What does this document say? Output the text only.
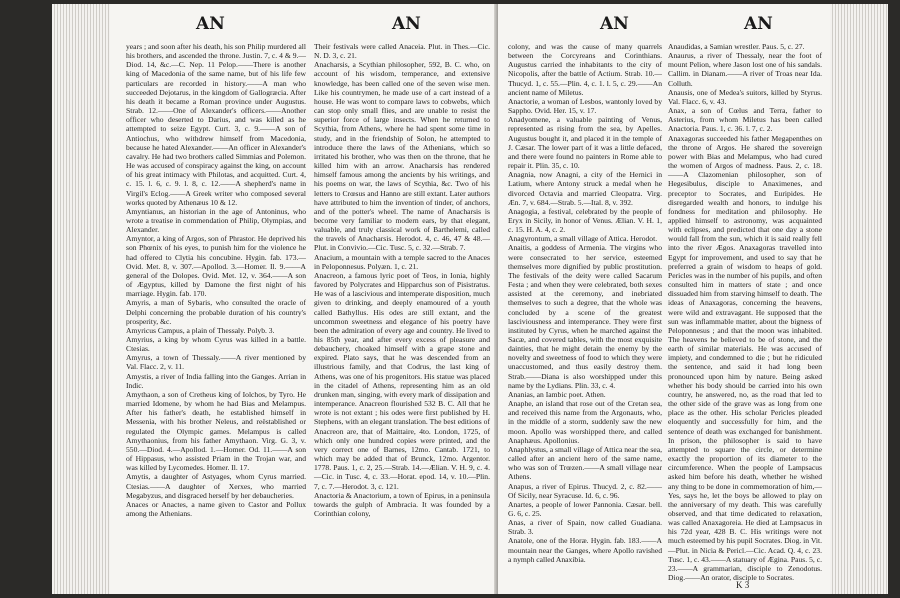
AN	AN

years ; and soon after his death, his son Philip murdered all his brothers, and ascended the throne. Justin. 7, c. 4 & 9.—Diod. 14, &c.—C. Nep. 11 Pelop.——There is another king of Macedonia of the same name, but of his life few particulars are recorded in history.——A man who succeeded Dejotarus, in the kingdom of Gallogræcia. After his death it became a Roman province under Augustus. Strab. 12.——One of Alexander's officers.——Another officer who deserted to Darius, and was killed as he attempted to seize Egypt. Curt. 3, c. 9.——A son of Antiochus, who withdrew himself from Macedonia, because he hated Alexander.——An officer in Alexander's cavalry. He had two brothers called Simmias and Polemon. He was accused of conspiracy against the king, on account of his great intimacy with Philotas, and acquitted. Curt. 4, c. 15. l. 6, c. 9. l. 8, c. 12.——A shepherd's name in Virgil's Eclog.——A Greek writer who composed several works quoted by Athenæus 10 & 12.

Amyntianus, an historian in the age of Antoninus, who wrote a treatise in commendation of Philip, Olympias, and Alexander.

Amyntor, a king of Argos, son of Phrastor. He deprived his son Phœnix of his eyes, to punish him for the violence he had offered to Clytia his concubine. Hygin. fab. 173.—Ovid. Met. 8, v. 307.—Apollod. 3.—Homer. Il. 9.——A general of the Dolopes. Ovid. Met. 12, v. 364.——A son of Ægyptus, killed by Damone the first night of his marriage. Hygin. fab. 170.

Amyris, a man of Sybaris, who consulted the oracle of Delphi concerning the probable duration of his country's prosperity, &c.

Amyricus Campus, a plain of Thessaly. Polyb. 3.

Amyrius, a king by whom Cyrus was killed in a battle. Ctesias.

Amyrus, a town of Thessaly.——A river mentioned by Val. Flacc. 2, v. 11.

Amystis, a river of India falling into the Ganges. Arrian in Indic.

Amythaon, a son of Cretheus king of Iolchos, by Tyro. He married Idomene, by whom he had Bias and Melampus. After his father's death, he established himself in Messenia, with his brother Neleus, and reëstablished or regulated the Olympic games. Melampus is called Amythaonius, from his father Amythaon. Virg. G. 3, v. 550.—Diod. 4.—Apollod. 1.—Homer. Od. 11.——A son of Hippasus, who assisted Priam in the Trojan war, and was killed by Lycomedes. Homer. Il. 17.

Amytis, a daughter of Astyages, whom Cyrus married. Ctesias.——A daughter of Xerxes, who married Megabyzus, and disgraced herself by her debaucheries.

Anaces or Anactes, a name given to Castor and Pollux among the Athenians.

Their festivals were called Anaceia. Plut. in Thes.—Cic. N. D. 3, c. 21.

Anacharsis, a Scythian philosopher, 592, B. C. who, on account of his wisdom, temperance, and extensive knowledge, has been called one of the seven wise men. Like his countrymen, he made use of a cart instead of a house. He was wont to compare laws to cobwebs, which can stop only small flies, and are unable to resist the superior force of large insects. When he returned to Scythia, from Athens, where he had spent some time in study, and in the friendship of Solon, he attempted to introduce there the laws of the Athenians, which so irritated his brother, who was then on the throne, that he killed him with an arrow. Anacharsis has rendered himself famous among the ancients by his writings, and his poems on war, the laws of Scythia, &c. Two of his letters to Crœsus and Hanno are still extant. Later authors have attributed to him the invention of tinder, of anchors, and of the potter's wheel. The name of Anacharsis is become very familiar to modern ears, by that elegant, valuable, and truly classical work of Barthelemi, called the travels of Anacharsis. Herodot. 4, c. 46, 47 & 48.—Plut. in Convivio.—Cic. Tusc. 5, c. 32.—Strab. 7.

Anacium, a mountain with a temple sacred to the Anaces in Peloponnesus. Polyæn. 1, c. 21.

Anacreon, a famous lyric poet of Teos, in Ionia, highly favored by Polycrates and Hipparchus son of Pisistratus. He was of a lascivious and intemperate disposition, much given to drinking, and deeply enamoured of a youth called Bathyllus. His odes are still extant, and the uncommon sweetness and elegance of his poetry have been the admiration of every age and country. He lived to his 85th year, and after every excess of pleasure and debauchery, choaked himself with a grape stone and expired. Plato says, that he was descended from an illustrious family, and that Codrus, the last king of Athens, was one of his progenitors. His statue was placed in the citadel of Athens, representing him as an old drunken man, singing, with every mark of dissipation and intemperance. Anacreon flourished 532 B. C. All that he wrote is not extant ; his odes were first published by H. Stephens, with an elegant translation. The best editions of Anacreon are, that of Maittaire, 4to. London, 1725, of which only one hundred copies were printed, and the very correct one of Barnes, 12mo. Cantab. 1721, to which may be added that of Brunck, 12mo. Argentor. 1778. Paus. 1, c. 2, 25.—Strab. 14.—Ælian. V. H. 9, c. 4.—Cic. in Tusc. 4, c. 33.—Horat. epod. 14, v. 10.—Plin. 7, c. 7.—Herodot. 3, c. 121.

Anactoria & Anactorium, a town of Epirus, in a peninsula towards the gulph of Ambracia. It was founded by a Corinthian colony,

AN	AN

colony, and was the cause of many quarrels between the Corcyreans and Corinthians. Augustus carried the inhabitants to the city of Nicopolis, after the battle of Actium. Strab. 10.—Thucyd. 1, c. 55.—Plin. 4, c. 1. l. 5, c. 29.——An ancient name of Miletus.

Anactorie, a woman of Lesbos, wantonly loved by Sappho. Ovid. Her. 15, v. 17.

Anadyomene, a valuable painting of Venus, represented as rising from the sea, by Apelles. Augustus bought it, and placed it in the temple of J. Cæsar. The lower part of it was a little defaced, and there were found no painters in Rome able to repair it. Plin. 35, c. 10.

Anagnia, now Anagni, a city of the Hernici in Latium, where Antony struck a medal when he divorced Octavia and married Cleopatra. Virg. Æn. 7, v. 684.—Strab. 5.—Ital. 8, v. 392.

Anagogia, a festival, celebrated by the people of Eryx in Sicily, in honor of Venus. Ælian. V. H. 1, c. 15. H. A. 4, c. 2.

Anagyrontum, a small village of Attica. Herodot.

Anaitis, a goddess of Armenia. The virgins who were consecrated to her service, esteemed themselves more dignified by public prostitution. The festivals of the deity were called Sacarum Festa ; and when they were celebrated, both sexes assisted at the ceremony, and inebriated themselves to such a degree, that the whole was concluded by a scene of the greatest lasciviousness and intemperance. They were first instituted by Cyrus, when he marched against the Sacæ, and covered tables, with the most exquisite dainties, that he might detain the enemy by the novelty and sweetness of food to which they were unaccustomed, and thus easily destroy them. Strab.——Diana is also worshipped under this name by the Lydians. Plin. 33, c. 4.

Ananias, an Iambic poet. Athen.

Anaphe, an island that rose out of the Cretan sea, and received this name from the Argonauts, who, in the middle of a storm, suddenly saw the new moon. Apollo was worshipped there, and called Anaphæus. Apollonius.

Anaphlystus, a small village of Attica near the sea, called after an ancient hero of the same name, who was son of Trœzen.——A small village near Athens.

Anapus, a river of Epirus. Thucyd. 2, c. 82.——Of Sicily, near Syracuse. Id. 6, c. 96.

Anartes, a people of lower Pannonia. Cæsar. bell. G. 6, c. 25.

Anas, a river of Spain, now called Guadiana. Strab. 3.

Anatole, one of the Horæ. Hygin. fab. 183.——A mountain near the Ganges, where Apollo ravished a nymph called Anaxibia.

Anaudidas, a Samian wrestler. Paus. 5, c. 27.

Anaurus, a river of Thessaly, near the foot of mount Pelion, where Jason lost one of his sandals. Callim. in Dianam.——A river of Troas near Ida. Colluth.

Anausis, one of Medea's suitors, killed by Styrus. Val. Flacc. 6, v. 43.

Anax, a son of Cœlus and Terra, father to Asterius, from whom Miletus has been called Anactoria. Paus. 1, c. 36. l. 7, c. 2.

Anaxagoras succeeded his father Megapenthes on the throne of Argos. He shared the sovereign power with Bias and Melampus, who had cured the women of Argos of madness. Paus. 2, c. 18.——A Clazomenian philosopher, son of Hegesibulus, disciple to Anaximenes, and preceptor to Socrates, and Euripides. He disregarded wealth and honors, to indulge his fondness for meditation and philosophy. He applied himself to astronomy, was acquainted with eclipses, and predicted that one day a stone would fall from the sun, which it is said really fell into the river Ægos. Anaxagoras travelled into Egypt for improvement, and used to say that he preferred a grain of wisdom to heaps of gold. Pericles was in the number of his pupils, and often consulted him in matters of state ; and once dissuaded him from starving himself to death. The ideas of Anaxagoras, concerning the heavens, were wild and extravagant. He supposed that the sun was inflammable matter, about the bigness of Peloponnesus ; and that the moon was inhabited. The heavens he believed to be of stone, and the earth of similar materials. He was accused of impiety, and condemned to die ; but he ridiculed the sentence, and said it had long been pronounced upon him by nature. Being asked whether his body should be carried into his own country, he answered, no, as the road that led to the other side of the grave was as long from one place as the other. His scholar Pericles pleaded eloquently and successfully for him, and the sentence of death was exchanged for banishment. In prison, the philosopher is said to have attempted to square the circle, or determine exactly the proportion of its diameter to the circumference. When the people of Lampsacus asked him before his death, whether he wished any thing to be done in commemoration of him,—Yes, says he, let the boys be allowed to play on the anniversary of my death. This was carefully observed, and that time dedicated to relaxation, was called Anaxagoreia. He died at Lampsacus in his 72d year, 428 B. C. His writings were not much esteemed by his pupil Socrates. Diog. in Vit.—Plut. in Nicia & Pericl.—Cic. Acad. Q. 4, c. 23. Tusc. 1, c. 43.——A statuary of Ægina. Paus. 5, c. 23.——A grammarian, disciple to Zenodotus. Diog.——An orator, disciple to Socrates.

K 3
